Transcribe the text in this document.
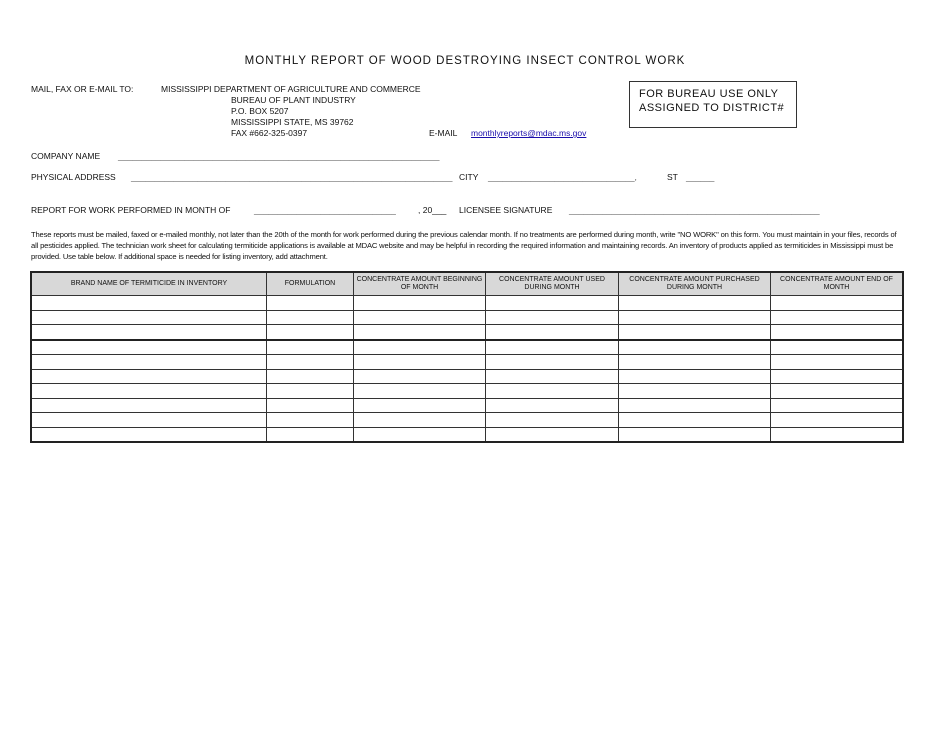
MONTHLY REPORT OF WOOD DESTROYING INSECT CONTROL WORK
MAIL, FAX OR E-MAIL TO:	MISSISSIPPI DEPARTMENT OF AGRICULTURE AND COMMERCE
BUREAU OF PLANT INDUSTRY
P.O. BOX 5207
MISSISSIPPI STATE, MS 39762
FAX #662-325-0397	E-MAIL monthlyreports@mdac.ms.gov
FOR BUREAU USE ONLY
ASSIGNED TO DISTRICT#
COMPANY NAME ____________________________________________________________________
PHYSICAL ADDRESS ____________________________________________________________________ CITY _______________________________,	ST ______
REPORT FOR WORK PERFORMED IN MONTH OF	______________________________	, 20___ LICENSEE SIGNATURE _____________________________________________________
These reports must be mailed, faxed or e-mailed monthly, not later than the 20th of the month for work performed during the previous calendar month. If no treatments are performed during month, write "NO WORK" on this form. You must maintain in your files, records of all pesticides applied. The technician work sheet for calculating termiticide applications is available at MDAC website and may be helpful in recording the required information and maintaining records. An inventory of products applied as termiticides in Mississippi must be provided. Use table below. If additional space is needed for listing inventory, add attachment.
BRAND NAME OF TERMITICIDE IN INVENTORY	FORMULATION	CONCENTRATE AMOUNT BEGINNING OF MONTH	CONCENTRATE AMOUNT USED DURING MONTH	CONCENTRATE AMOUNT PURCHASED DURING MONTH	CONCENTRATE AMOUNT END OF MONTH
